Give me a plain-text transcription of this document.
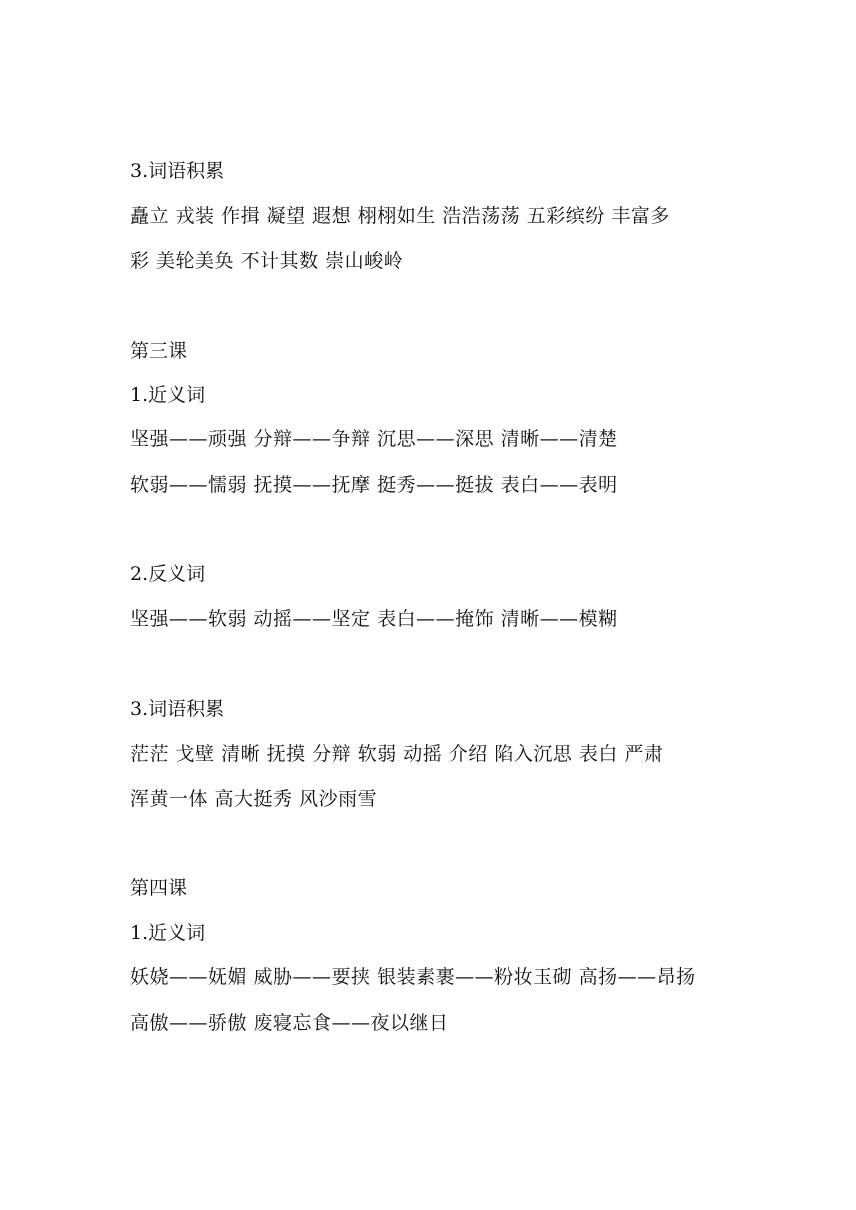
3.词语积累
矗立 戎装 作揖 凝望 遐想 栩栩如生 浩浩荡荡 五彩缤纷 丰富多
彩 美轮美奂 不计其数 崇山峻岭
第三课
1.近义词
坚强——顽强 分辩——争辩 沉思——深思 清晰——清楚
软弱——懦弱 抚摸——抚摩 挺秀——挺拔 表白——表明
2.反义词
坚强——软弱 动摇——坚定 表白——掩饰 清晰——模糊
3.词语积累
茫茫 戈壁 清晰 抚摸 分辩 软弱 动摇 介绍 陷入沉思 表白 严肃
浑黄一体 高大挺秀 风沙雨雪
第四课
1.近义词
妖娆——妩媚 威胁——要挟 银装素裹——粉妆玉砌 高扬——昂扬
高傲——骄傲 废寝忘食——夜以继日
